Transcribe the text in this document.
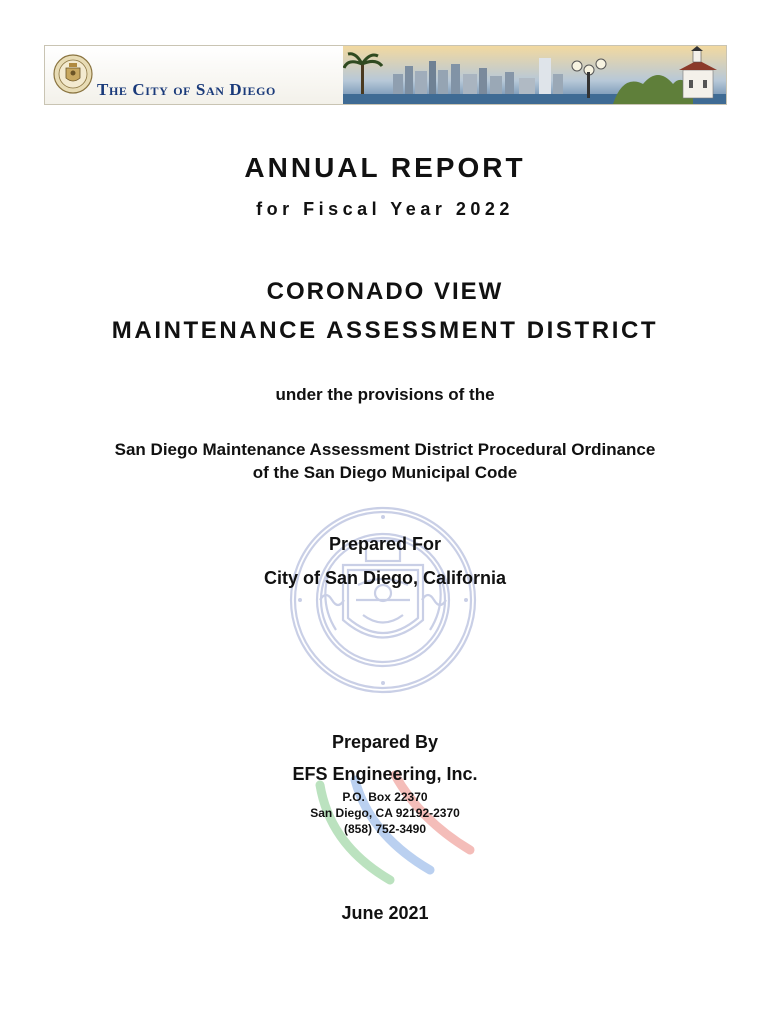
The City of San Diego
ANNUAL REPORT
for Fiscal Year 2022
CORONADO VIEW
MAINTENANCE ASSESSMENT DISTRICT
under the provisions of the
San Diego Maintenance Assessment District Procedural Ordinance
of the San Diego Municipal Code
Prepared For
City of San Diego, California
Prepared By
EFS Engineering, Inc.
P.O. Box 22370
San Diego, CA 92192-2370
(858) 752-3490
June 2021
